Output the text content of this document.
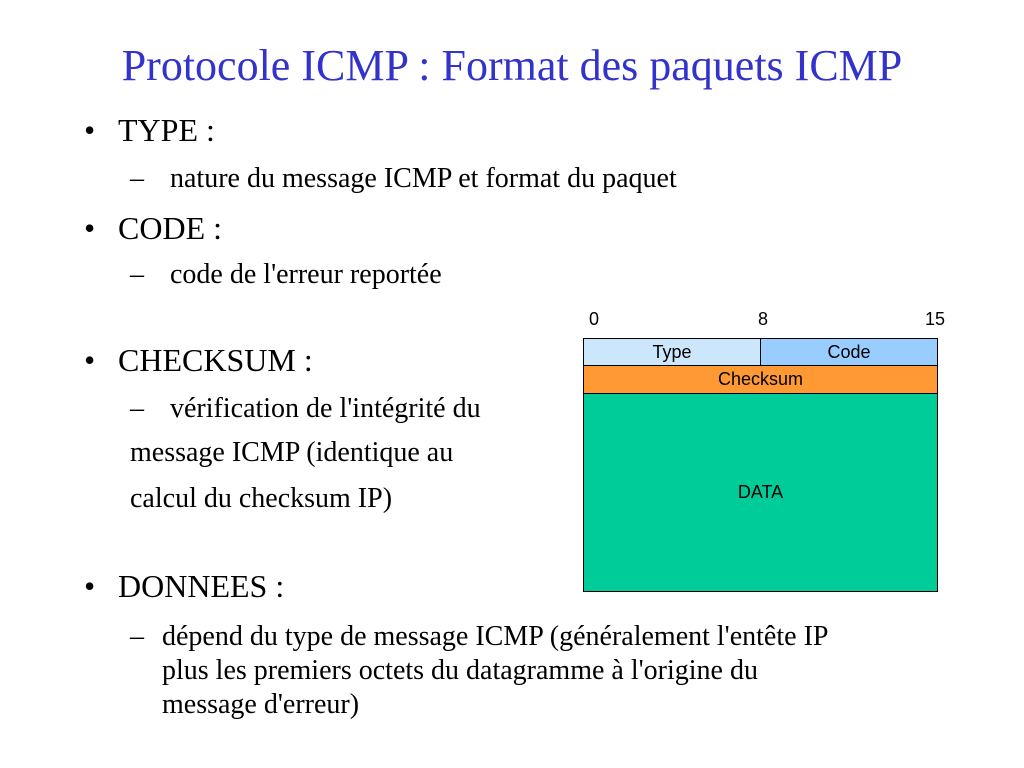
Protocole ICMP : Format des paquets ICMP
• TYPE :
– nature du message ICMP et format du paquet
• CODE :
– code de l'erreur reportée
• CHECKSUM :
– vérification de l'intégrité du
message ICMP (identique au
calcul du checksum IP)
• DONNEES :
– dépend du type de message ICMP (généralement l'entête IP
plus les premiers octets du datagramme à l'origine du
message d'erreur)
0	8	15
Type	Code
Checksum
DATA
